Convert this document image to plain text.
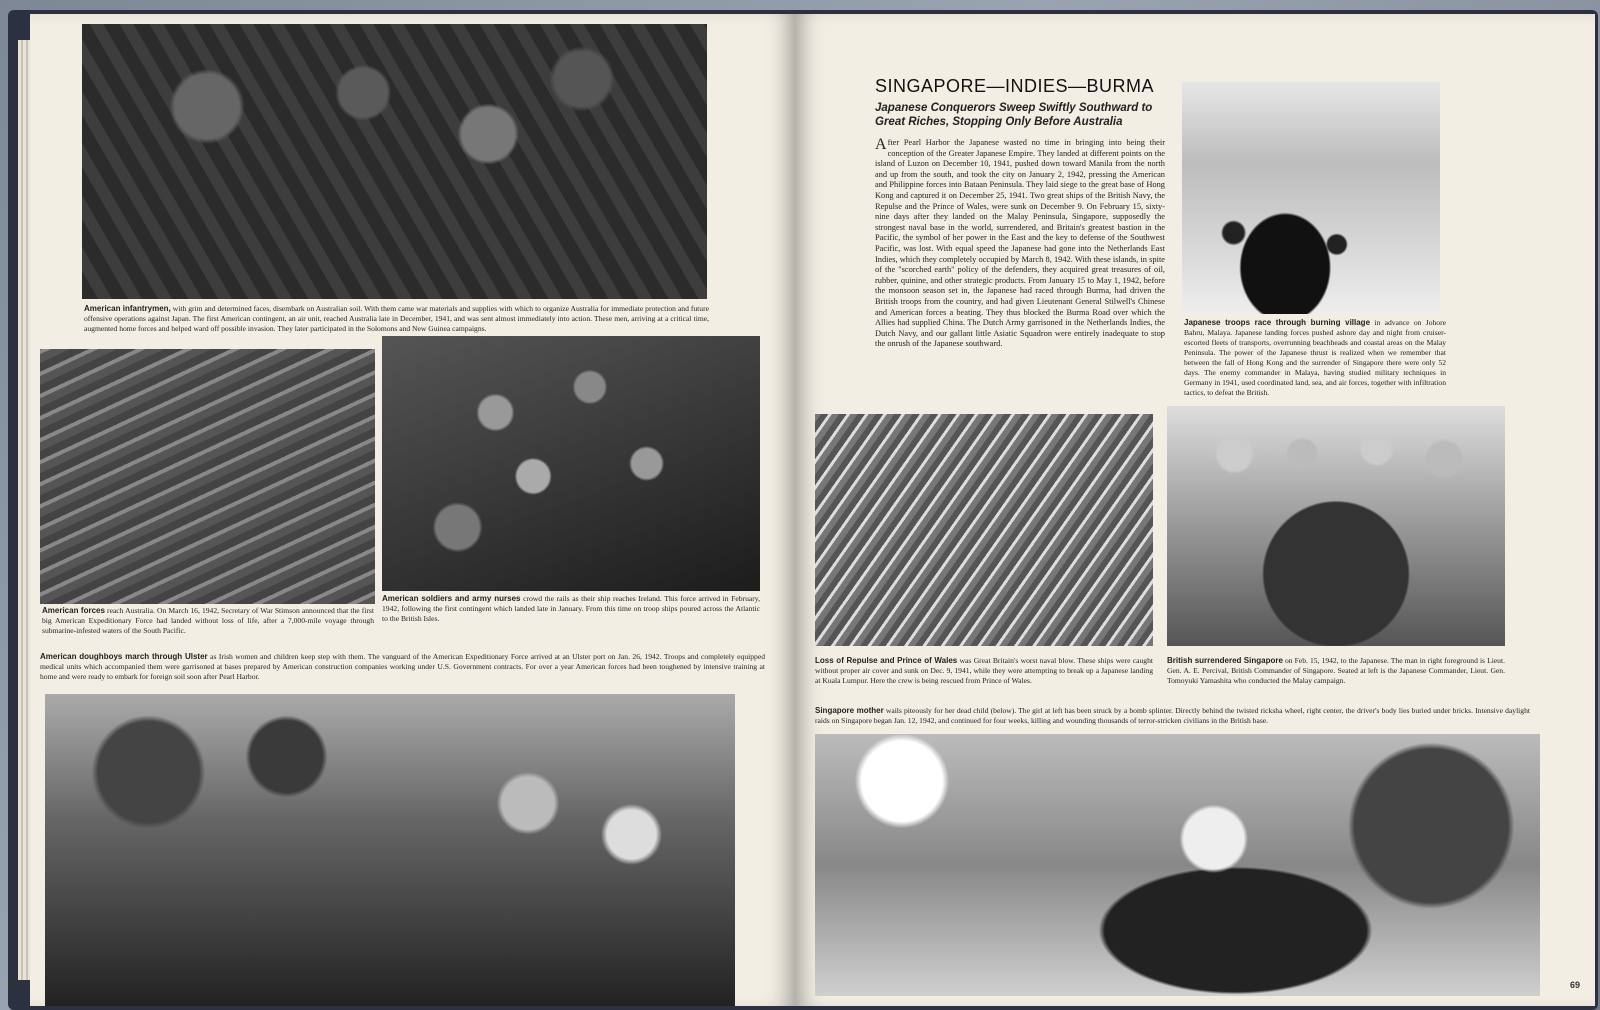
American infantrymen, with grim and determined faces, disembark on Australian soil. With them came war materials and supplies with which to organize Australia for immediate protection and future offensive operations against Japan. The first American contingent, an air unit, reached Australia late in December, 1941, and was sent almost immediately into action. These men, arriving at a critical time, augmented home forces and helped ward off possible invasion. They later participated in the Solomons and New Guinea campaigns.

American forces reach Australia. On March 16, 1942, Secretary of War Stimson announced that the first big American Expeditionary Force had landed without loss of life, after a 7,000-mile voyage through submarine-infested waters of the South Pacific.

American soldiers and army nurses crowd the rails as their ship reaches Ireland. This force arrived in February, 1942, following the first contingent which landed late in January. From this time on troop ships poured across the Atlantic to the British Isles.

American doughboys march through Ulster as Irish women and children keep step with them. The vanguard of the American Expeditionary Force arrived at an Ulster port on Jan. 26, 1942. Troops and completely equipped medical units which accompanied them were garrisoned at bases prepared by American construction companies working under U.S. Government contracts. For over a year American forces had been toughened by intensive training at home and were ready to embark for foreign soil soon after Pearl Harbor.

68
SINGAPORE—INDIES—BURMA
Japanese Conquerors Sweep Swiftly Southward to Great Riches, Stopping Only Before Australia
After Pearl Harbor the Japanese wasted no time in bringing into being their conception of the Greater Japanese Empire. They landed at different points on the island of Luzon on December 10, 1941, pushed down toward Manila from the north and up from the south, and took the city on January 2, 1942, pressing the American and Philippine forces into Bataan Peninsula. They laid siege to the great base of Hong Kong and captured it on December 25, 1941. Two great ships of the British Navy, the Repulse and the Prince of Wales, were sunk on December 9. On February 15, sixty-nine days after they landed on the Malay Peninsula, Singapore, supposedly the strongest naval base in the world, surrendered, and Britain's greatest bastion in the Pacific, the symbol of her power in the East and the key to defense of the Southwest Pacific, was lost. With equal speed the Japanese had gone into the Netherlands East Indies, which they completely occupied by March 8, 1942. With these islands, in spite of the "scorched earth" policy of the defenders, they acquired great treasures of oil, rubber, quinine, and other strategic products. From January 15 to May 1, 1942, before the monsoon season set in, the Japanese had raced through Burma, had driven the British troops from the country, and had given Lieutenant General Stilwell's Chinese and American forces a beating. They thus blocked the Burma Road over which the Allies had supplied China. The Dutch Army garrisoned in the Netherlands Indies, the Dutch Navy, and our gallant little Asiatic Squadron were entirely inadequate to stop the onrush of the Japanese southward.

Japanese troops race through burning village in advance on Johore Bahru, Malaya. Japanese landing forces pushed ashore day and night from cruiser-escorted fleets of transports, overrunning beachheads and coastal areas on the Malay Peninsula. The power of the Japanese thrust is realized when we remember that between the fall of Hong Kong and the surrender of Singapore there were only 52 days. The enemy commander in Malaya, having studied military techniques in Germany in 1941, used coordinated land, sea, and air forces, together with infiltration tactics, to defeat the British.

Loss of Repulse and Prince of Wales was Great Britain's worst naval blow. These ships were caught without proper air cover and sunk on Dec. 9, 1941, while they were attempting to break up a Japanese landing at Kuala Lumpur. Here the crew is being rescued from Prince of Wales.

British surrendered Singapore on Feb. 15, 1942, to the Japanese. The man in right foreground is Lieut. Gen. A. E. Percival, British Commander of Singapore. Seated at left is the Japanese Commander, Lieut. Gen. Tomoyuki Yamashita who conducted the Malay campaign.

Singapore mother wails piteously for her dead child (below). The girl at left has been struck by a bomb splinter. Directly behind the twisted ricksha wheel, right center, the driver's body lies buried under bricks. Intensive daylight raids on Singapore began Jan. 12, 1942, and continued for four weeks, killing and wounding thousands of terror-stricken civilians in the British base.

69
